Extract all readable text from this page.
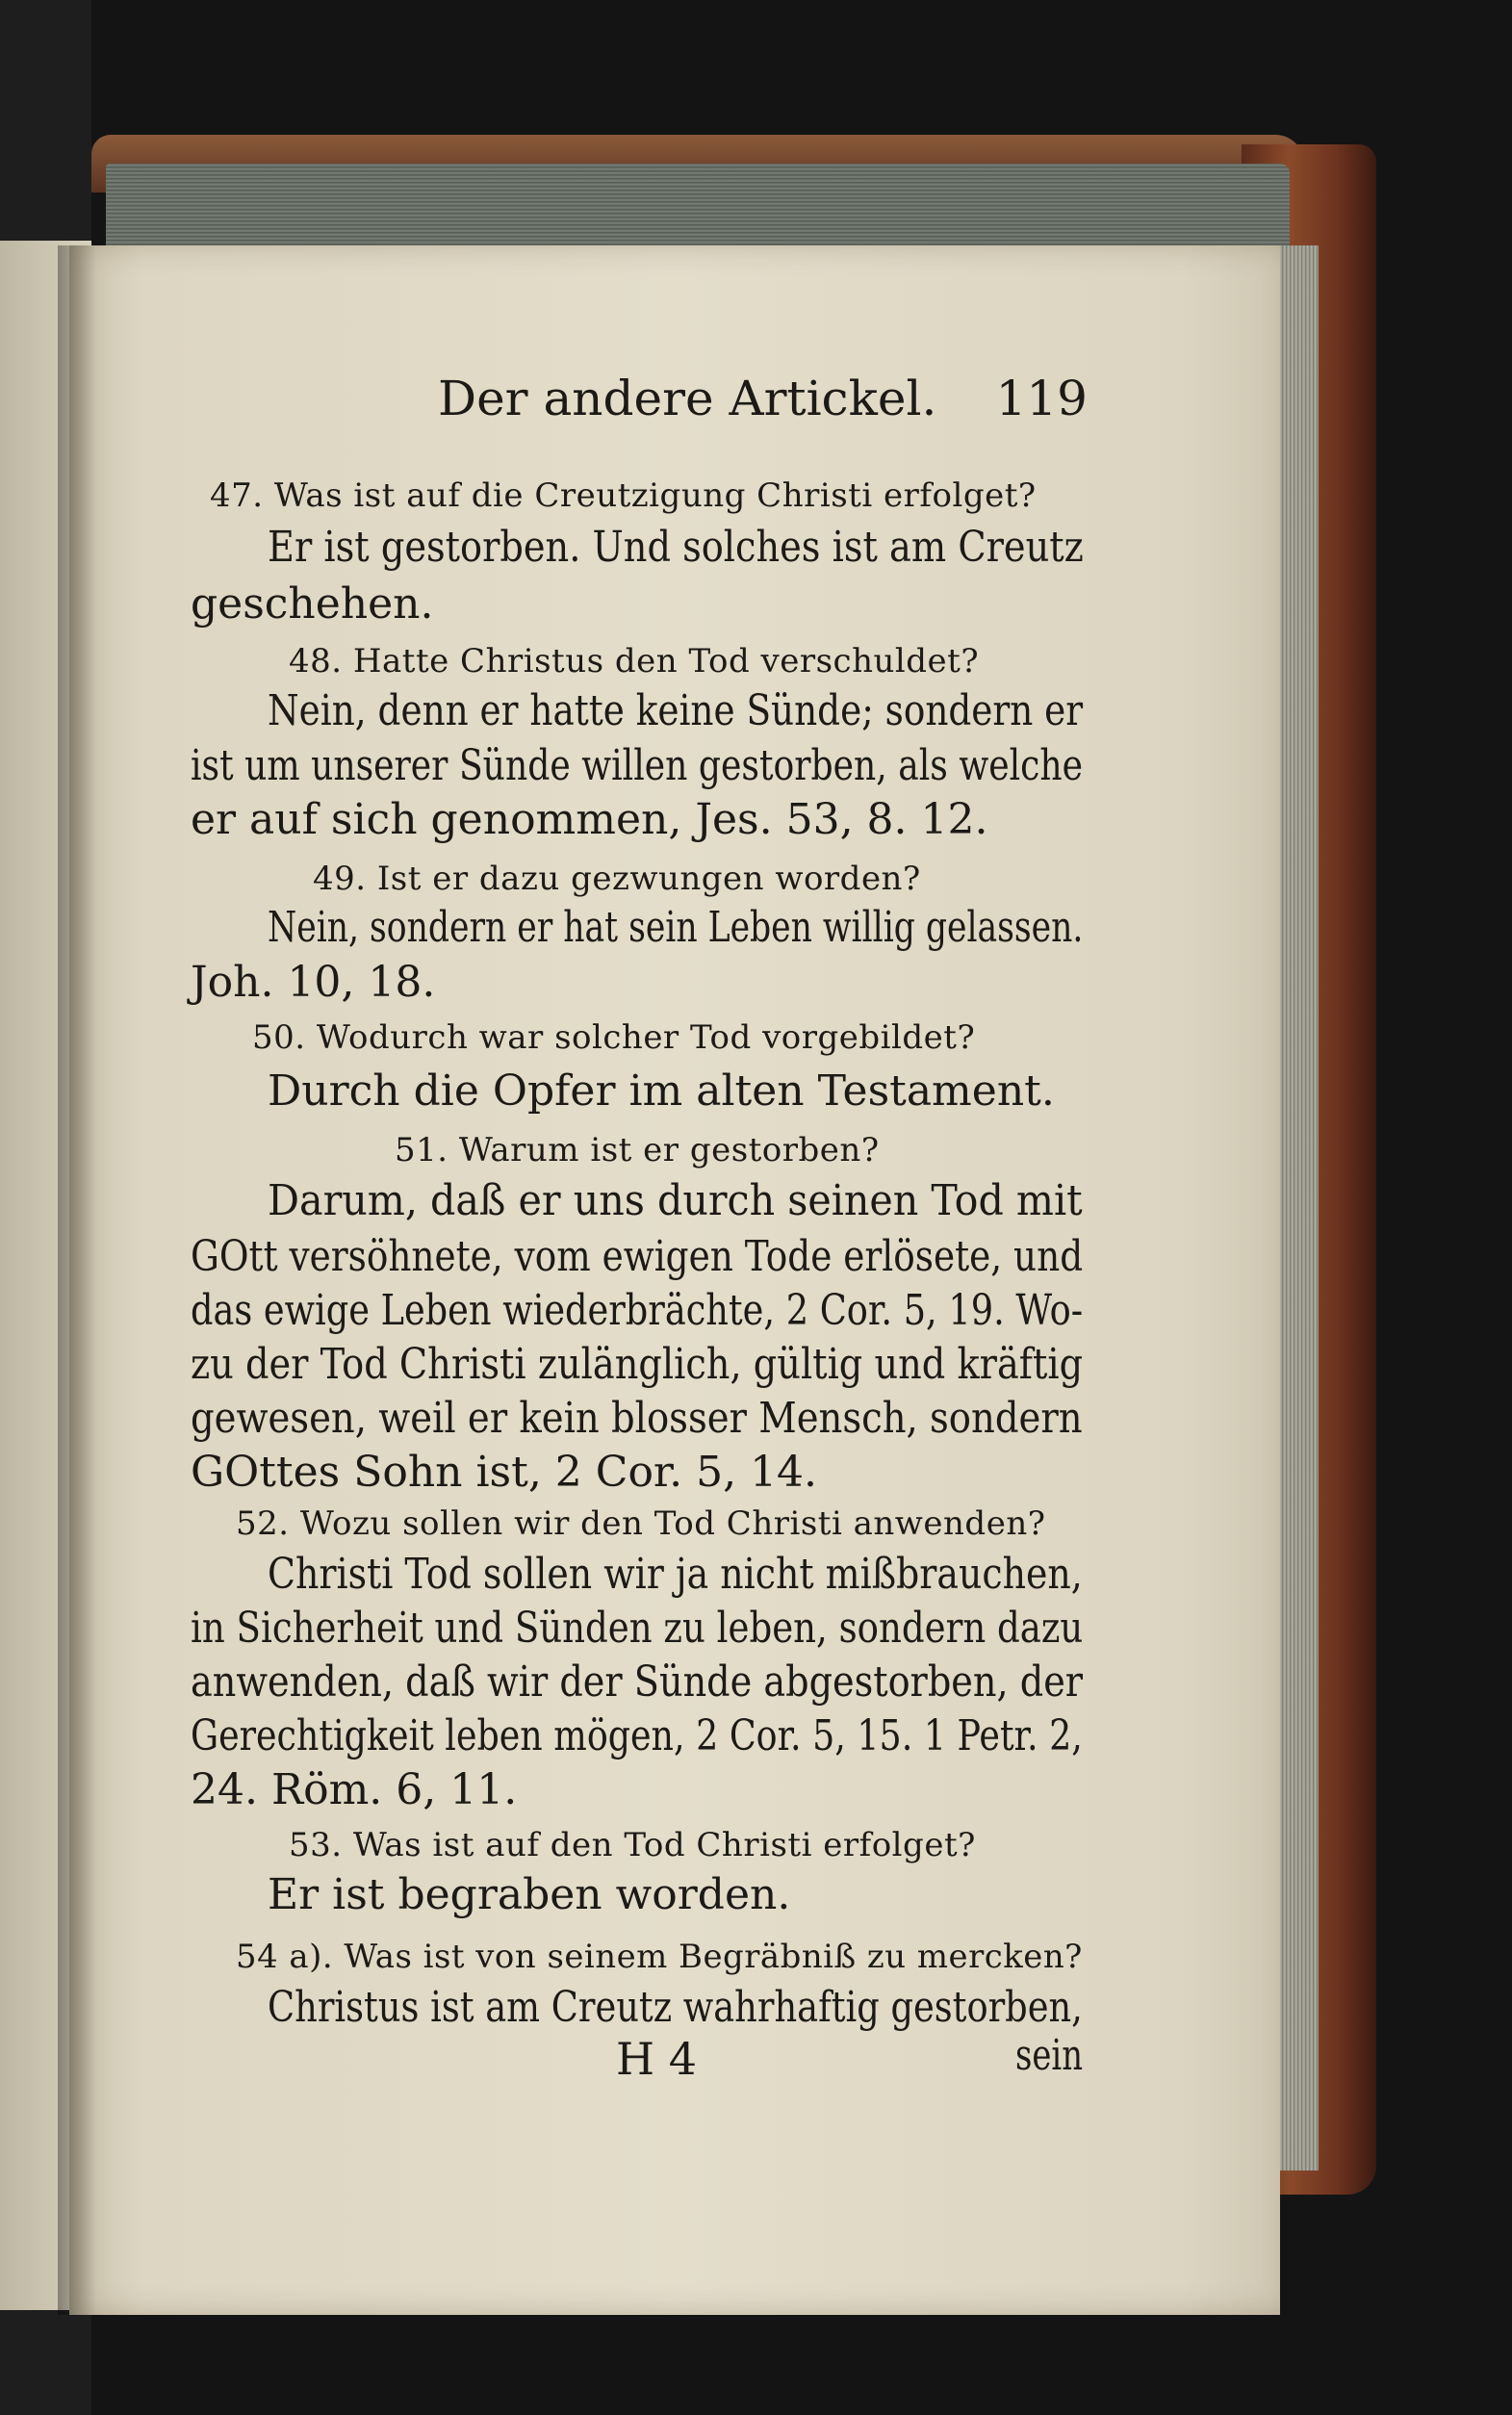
Der andere Artickel. 119
47. Was ist auf die Creutzigung Christi erfolget?
Er ist gestorben. Und solches ist am Creutz
geschehen.
48. Hatte Christus den Tod verschuldet?
Nein, denn er hatte keine Sünde; sondern er
ist um unserer Sünde willen gestorben, als welche
er auf sich genommen, Jes. 53, 8. 12.
49. Ist er dazu gezwungen worden?
Nein, sondern er hat sein Leben willig gelassen.
Joh. 10, 18.
50. Wodurch war solcher Tod vorgebildet?
Durch die Opfer im alten Testament.
51. Warum ist er gestorben?
Darum, daß er uns durch seinen Tod mit
GOtt versöhnete, vom ewigen Tode erlösete, und
das ewige Leben wiederbrächte, 2 Cor. 5, 19. Wo-
zu der Tod Christi zulänglich, gültig und kräftig
gewesen, weil er kein blosser Mensch, sondern
GOttes Sohn ist, 2 Cor. 5, 14.
52. Wozu sollen wir den Tod Christi anwenden?
Christi Tod sollen wir ja nicht mißbrauchen,
in Sicherheit und Sünden zu leben, sondern dazu
anwenden, daß wir der Sünde abgestorben, der
Gerechtigkeit leben mögen, 2 Cor. 5, 15. 1 Petr. 2,
24. Röm. 6, 11.
53. Was ist auf den Tod Christi erfolget?
Er ist begraben worden.
54 a). Was ist von seinem Begräbniß zu mercken?
Christus ist am Creutz wahrhaftig gestorben,
H 4	sein
